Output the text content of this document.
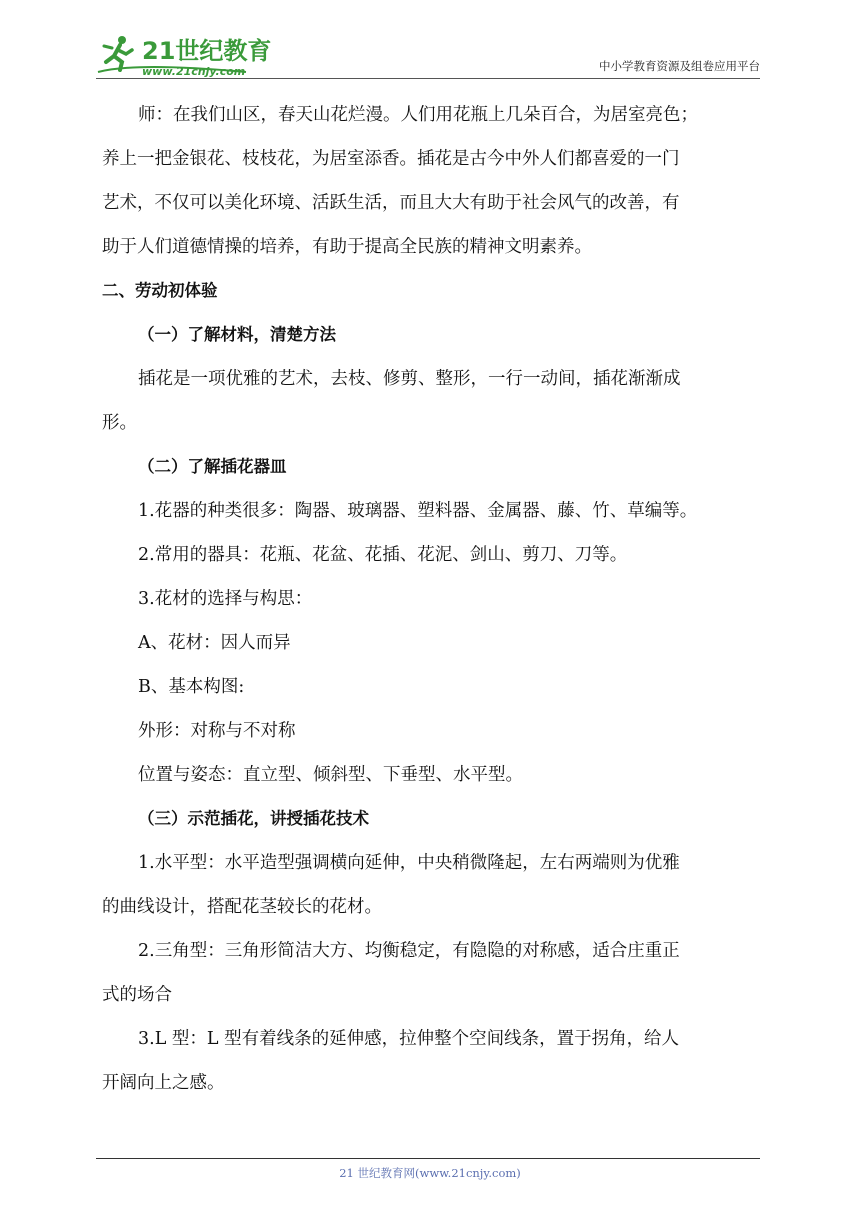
21世纪教育
www.21cnjy.com	中小学教育资源及组卷应用平台
师：在我们山区，春天山花烂漫。人们用花瓶上几朵百合，为居室亮色；
养上一把金银花、枝枝花，为居室添香。插花是古今中外人们都喜爱的一门
艺术，不仅可以美化环境、活跃生活，而且大大有助于社会风气的改善，有
助于人们道德情操的培养，有助于提高全民族的精神文明素养。
二、劳动初体验
（一）了解材料，清楚方法
插花是一项优雅的艺术，去枝、修剪、整形，一行一动间，插花渐渐成
形。
（二）了解插花器皿
1.花器的种类很多：陶器、玻璃器、塑料器、金属器、藤、竹、草编等。
2.常用的器具：花瓶、花盆、花插、花泥、剑山、剪刀、刀等。
3.花材的选择与构思：
A、花材：因人而异
B、基本构图:
外形：对称与不对称
位置与姿态：直立型、倾斜型、下垂型、水平型。
（三）示范插花，讲授插花技术
1.水平型：水平造型强调横向延伸，中央稍微隆起，左右两端则为优雅
的曲线设计，搭配花茎较长的花材。
2.三角型：三角形简洁大方、均衡稳定，有隐隐的对称感，适合庄重正
式的场合
3.L 型：L 型有着线条的延伸感，拉伸整个空间线条，置于拐角，给人
开阔向上之感。
21 世纪教育网(www.21cnjy.com)
